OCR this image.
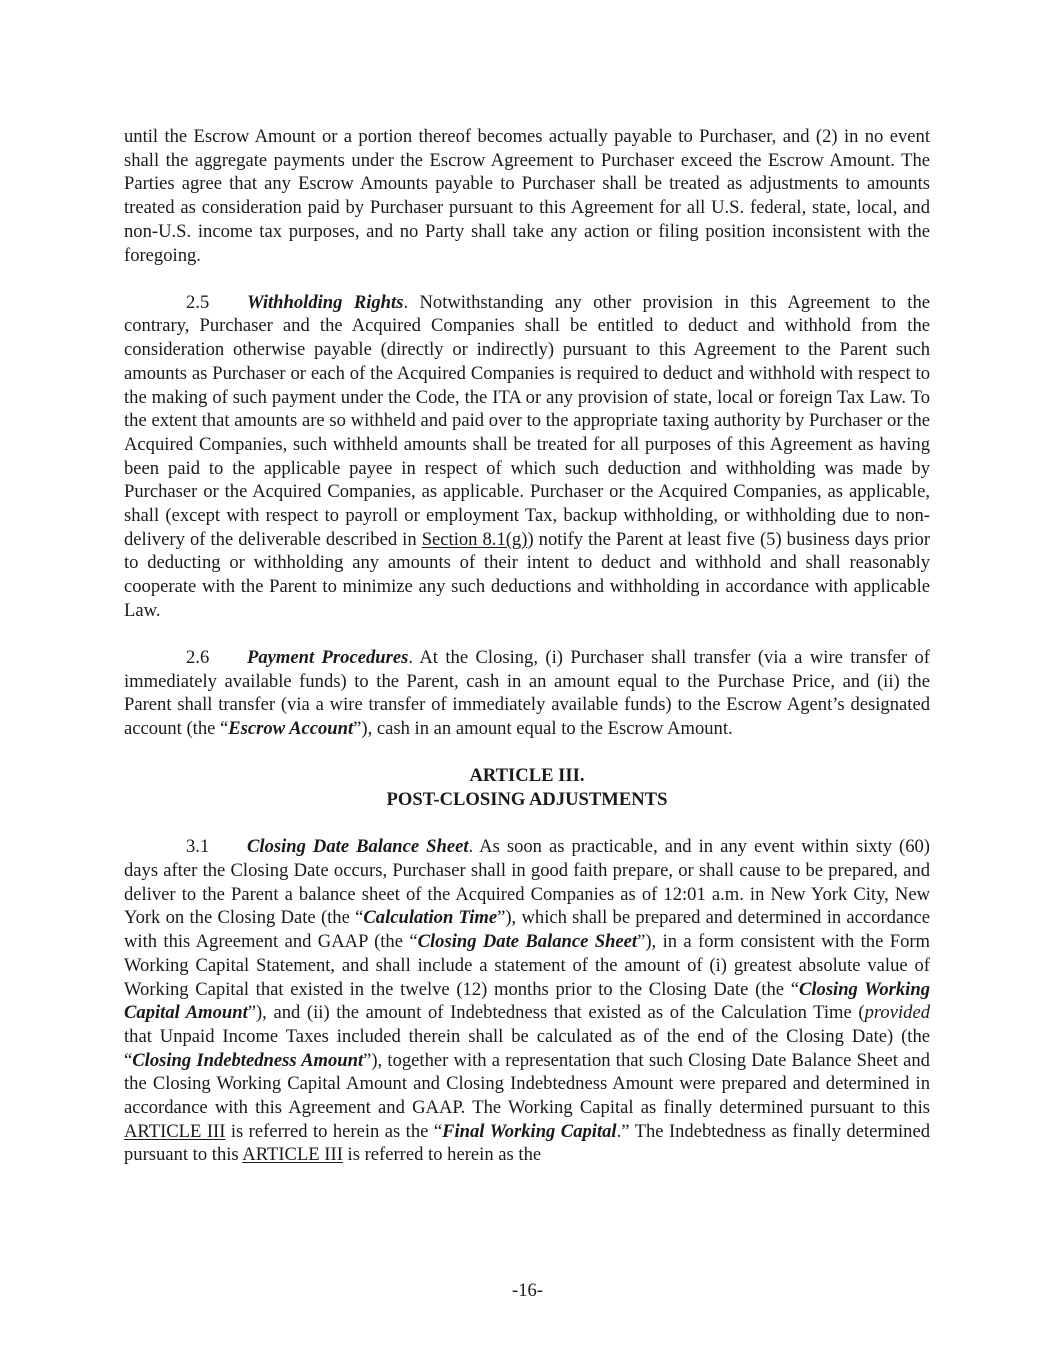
until the Escrow Amount or a portion thereof becomes actually payable to Purchaser, and (2) in no event shall the aggregate payments under the Escrow Agreement to Purchaser exceed the Escrow Amount. The Parties agree that any Escrow Amounts payable to Purchaser shall be treated as adjustments to amounts treated as consideration paid by Purchaser pursuant to this Agreement for all U.S. federal, state, local, and non-U.S. income tax purposes, and no Party shall take any action or filing position inconsistent with the foregoing.

2.5 Withholding Rights. Notwithstanding any other provision in this Agreement to the contrary, Purchaser and the Acquired Companies shall be entitled to deduct and withhold from the consideration otherwise payable (directly or indirectly) pursuant to this Agreement to the Parent such amounts as Purchaser or each of the Acquired Companies is required to deduct and withhold with respect to the making of such payment under the Code, the ITA or any provision of state, local or foreign Tax Law. To the extent that amounts are so withheld and paid over to the appropriate taxing authority by Purchaser or the Acquired Companies, such withheld amounts shall be treated for all purposes of this Agreement as having been paid to the applicable payee in respect of which such deduction and withholding was made by Purchaser or the Acquired Companies, as applicable. Purchaser or the Acquired Companies, as applicable, shall (except with respect to payroll or employment Tax, backup withholding, or withholding due to non-delivery of the deliverable described in Section 8.1(g)) notify the Parent at least five (5) business days prior to deducting or withholding any amounts of their intent to deduct and withhold and shall reasonably cooperate with the Parent to minimize any such deductions and withholding in accordance with applicable Law.

2.6 Payment Procedures. At the Closing, (i) Purchaser shall transfer (via a wire transfer of immediately available funds) to the Parent, cash in an amount equal to the Purchase Price, and (ii) the Parent shall transfer (via a wire transfer of immediately available funds) to the Escrow Agent’s designated account (the “Escrow Account”), cash in an amount equal to the Escrow Amount.

ARTICLE III.
POST-CLOSING ADJUSTMENTS

3.1 Closing Date Balance Sheet. As soon as practicable, and in any event within sixty (60) days after the Closing Date occurs, Purchaser shall in good faith prepare, or shall cause to be prepared, and deliver to the Parent a balance sheet of the Acquired Companies as of 12:01 a.m. in New York City, New York on the Closing Date (the “Calculation Time”), which shall be prepared and determined in accordance with this Agreement and GAAP (the “Closing Date Balance Sheet”), in a form consistent with the Form Working Capital Statement, and shall include a statement of the amount of (i) greatest absolute value of Working Capital that existed in the twelve (12) months prior to the Closing Date (the “Closing Working Capital Amount”), and (ii) the amount of Indebtedness that existed as of the Calculation Time (provided that Unpaid Income Taxes included therein shall be calculated as of the end of the Closing Date) (the “Closing Indebtedness Amount”), together with a representation that such Closing Date Balance Sheet and the Closing Working Capital Amount and Closing Indebtedness Amount were prepared and determined in accordance with this Agreement and GAAP. The Working Capital as finally determined pursuant to this ARTICLE III is referred to herein as the “Final Working Capital.” The Indebtedness as finally determined pursuant to this ARTICLE III is referred to herein as the

-16-
